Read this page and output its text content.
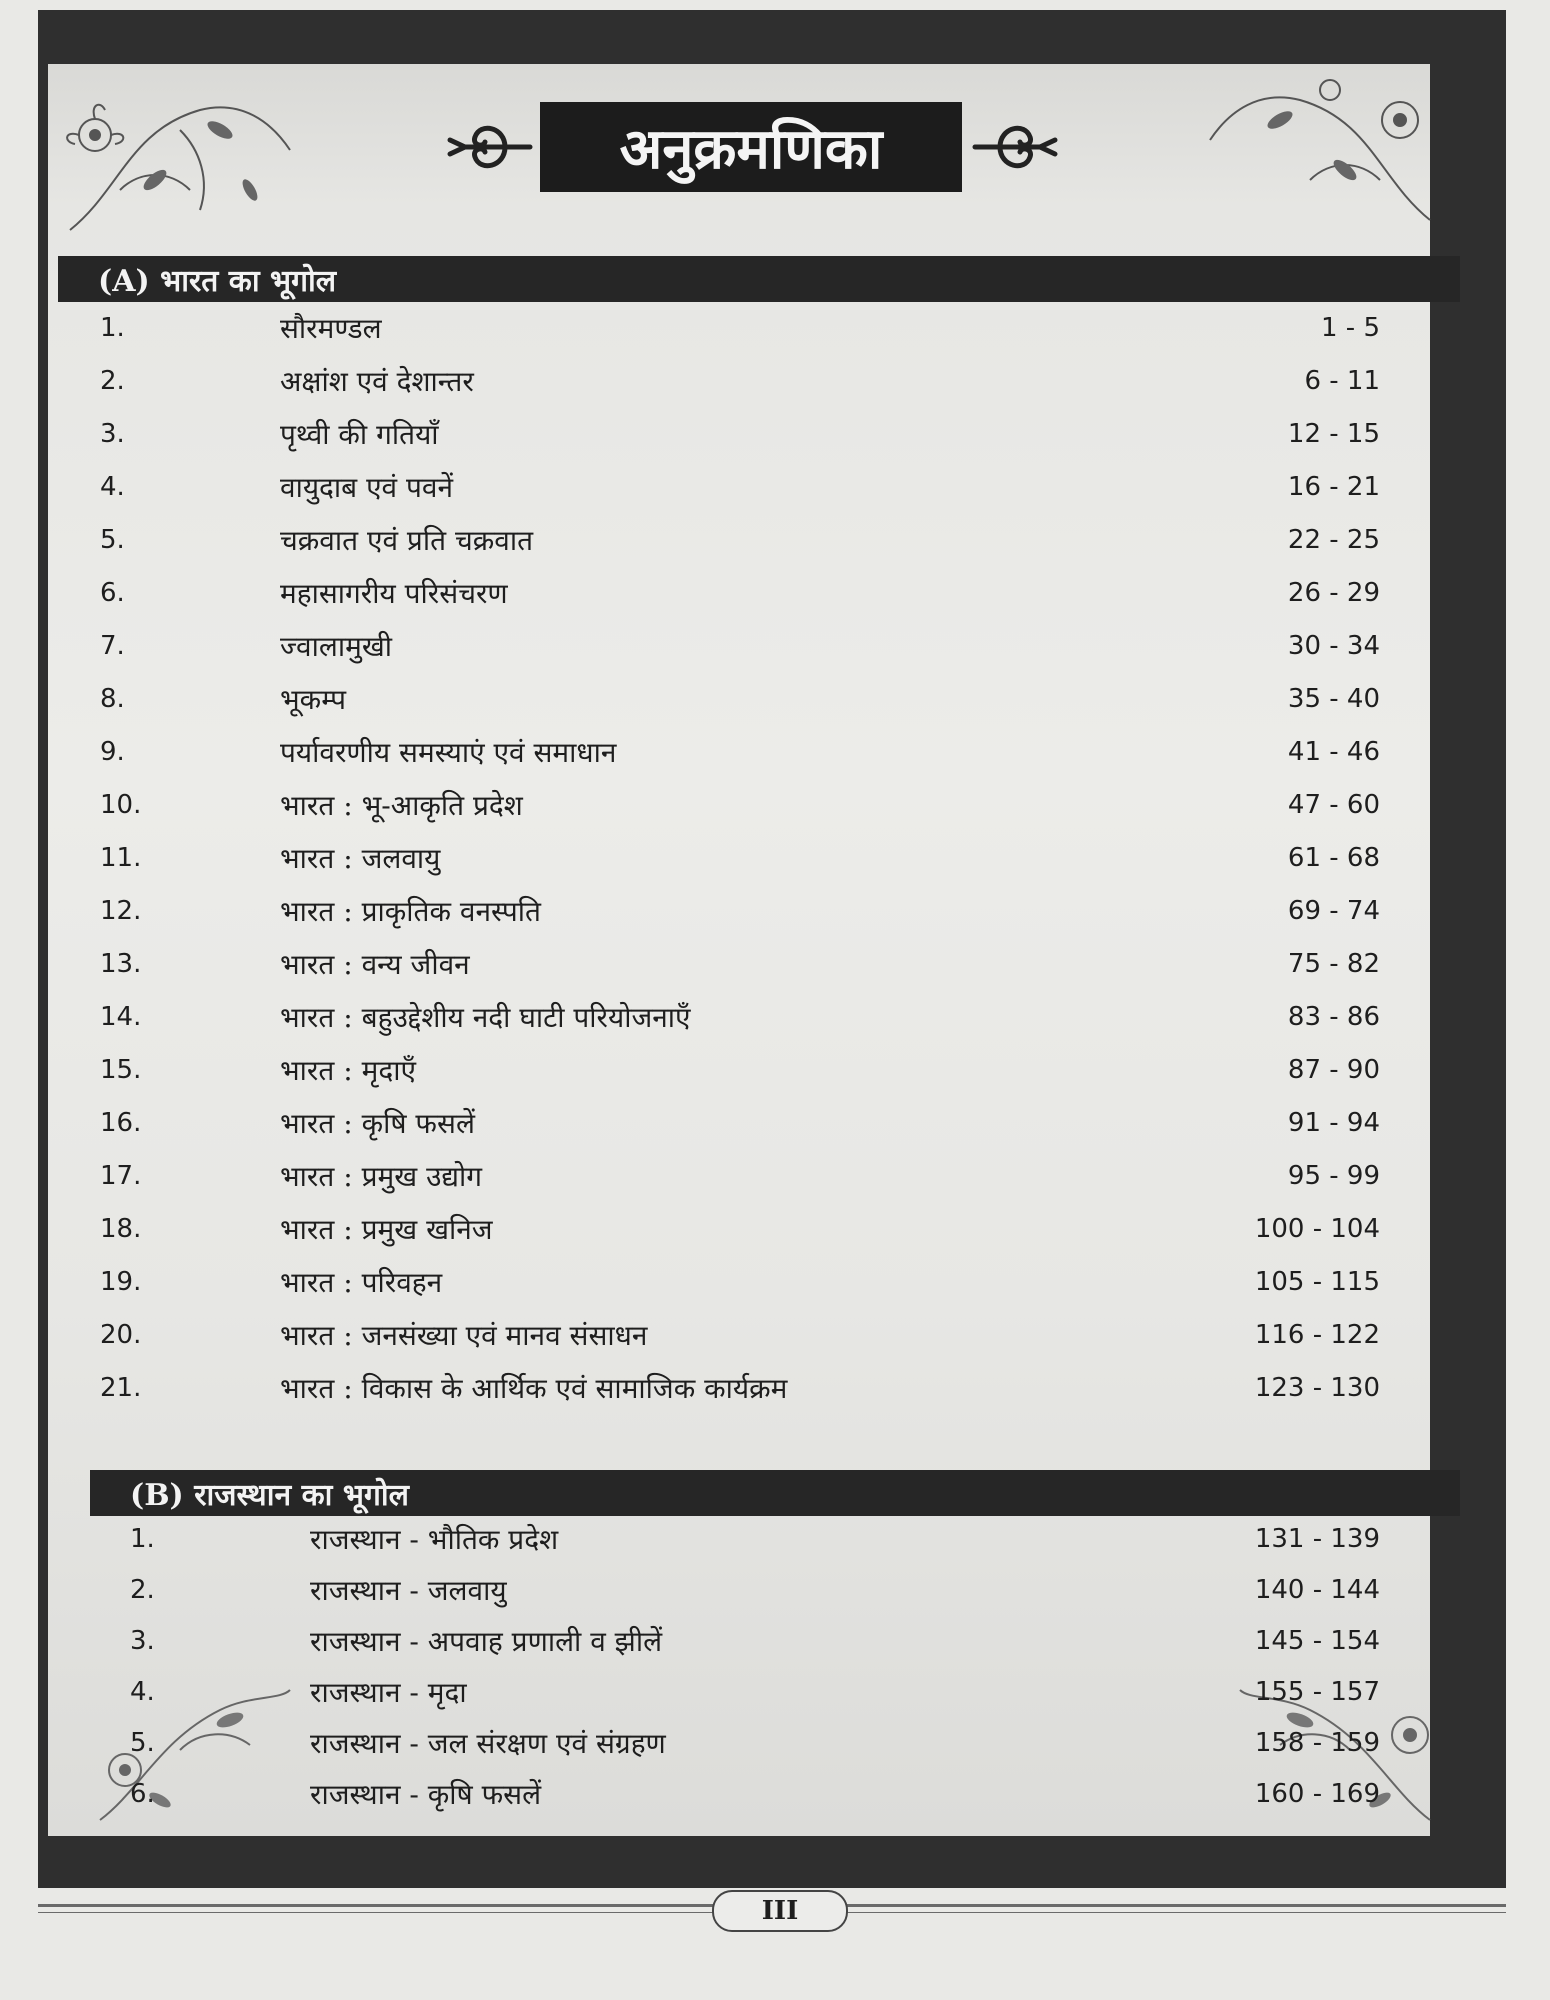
अनुक्रमणिका
(A) भारत का भूगोल
1.	सौरमण्डल	1 - 5
2.	अक्षांश एवं देशान्तर	6 - 11
3.	पृथ्वी की गतियाँ	12 - 15
4.	वायुदाब एवं पवनें	16 - 21
5.	चक्रवात एवं प्रति चक्रवात	22 - 25
6.	महासागरीय परिसंचरण	26 - 29
7.	ज्वालामुखी	30 - 34
8.	भूकम्प	35 - 40
9.	पर्यावरणीय समस्याएं एवं समाधान	41 - 46
10.	भारत : भू-आकृति प्रदेश	47 - 60
11.	भारत : जलवायु	61 - 68
12.	भारत : प्राकृतिक वनस्पति	69 - 74
13.	भारत : वन्य जीवन	75 - 82
14.	भारत : बहुउद्देशीय नदी घाटी परियोजनाएँ	83 - 86
15.	भारत : मृदाएँ	87 - 90
16.	भारत : कृषि फसलें	91 - 94
17.	भारत : प्रमुख उद्योग	95 - 99
18.	भारत : प्रमुख खनिज	100 - 104
19.	भारत : परिवहन	105 - 115
20.	भारत : जनसंख्या एवं मानव संसाधन	116 - 122
21.	भारत : विकास के आर्थिक एवं सामाजिक कार्यक्रम	123 - 130
(B) राजस्थान का भूगोल
1.	राजस्थान - भौतिक प्रदेश	131 - 139
2.	राजस्थान - जलवायु	140 - 144
3.	राजस्थान - अपवाह प्रणाली व झीलें	145 - 154
4.	राजस्थान - मृदा	155 - 157
5.	राजस्थान - जल संरक्षण एवं संग्रहण	158 - 159
6.	राजस्थान - कृषि फसलें	160 - 169
III
